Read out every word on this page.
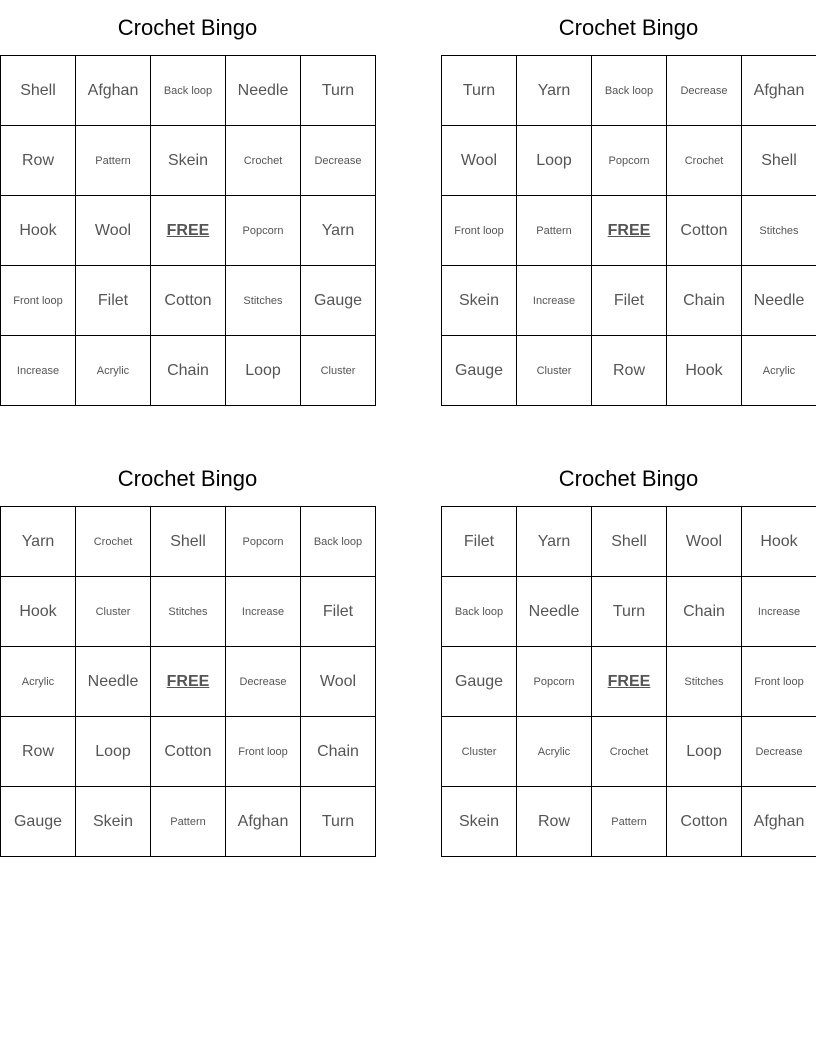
Crochet Bingo
Shell	Afghan	Back loop	Needle	Turn
Row	Pattern	Skein	Crochet	Decrease
Hook	Wool	FREE	Popcorn	Yarn
Front loop	Filet	Cotton	Stitches	Gauge
Increase	Acrylic	Chain	Loop	Cluster
Crochet Bingo
Turn	Yarn	Back loop	Decrease	Afghan
Wool	Loop	Popcorn	Crochet	Shell
Front loop	Pattern	FREE	Cotton	Stitches
Skein	Increase	Filet	Chain	Needle
Gauge	Cluster	Row	Hook	Acrylic
Crochet Bingo
Yarn	Crochet	Shell	Popcorn	Back loop
Hook	Cluster	Stitches	Increase	Filet
Acrylic	Needle	FREE	Decrease	Wool
Row	Loop	Cotton	Front loop	Chain
Gauge	Skein	Pattern	Afghan	Turn
Crochet Bingo
Filet	Yarn	Shell	Wool	Hook
Back loop	Needle	Turn	Chain	Increase
Gauge	Popcorn	FREE	Stitches	Front loop
Cluster	Acrylic	Crochet	Loop	Decrease
Skein	Row	Pattern	Cotton	Afghan
